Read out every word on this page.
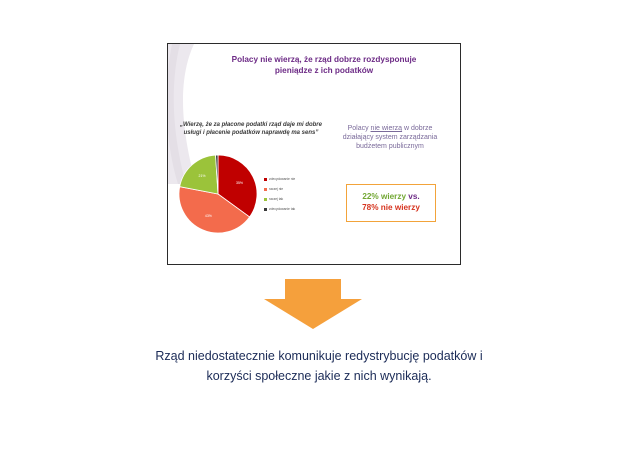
Polacy nie wierzą, że rząd dobrze rozdysponuje
pieniądze z ich podatków
„Wierzę, że za płacone podatki rząd daje mi dobre usługi i płacenie podatków naprawdę ma sens”
35%
43%
21%
zdecydowanie nie
raczej nie
raczej tak
zdecydowanie tak
Polacy nie wierzą w dobrze działający system zarządzania budżetem publicznym
22% wierzy vs.
78% nie wierzy
Rząd niedostatecznie komunikuje redystrybucję podatków i
korzyści społeczne jakie z nich wynikają.
